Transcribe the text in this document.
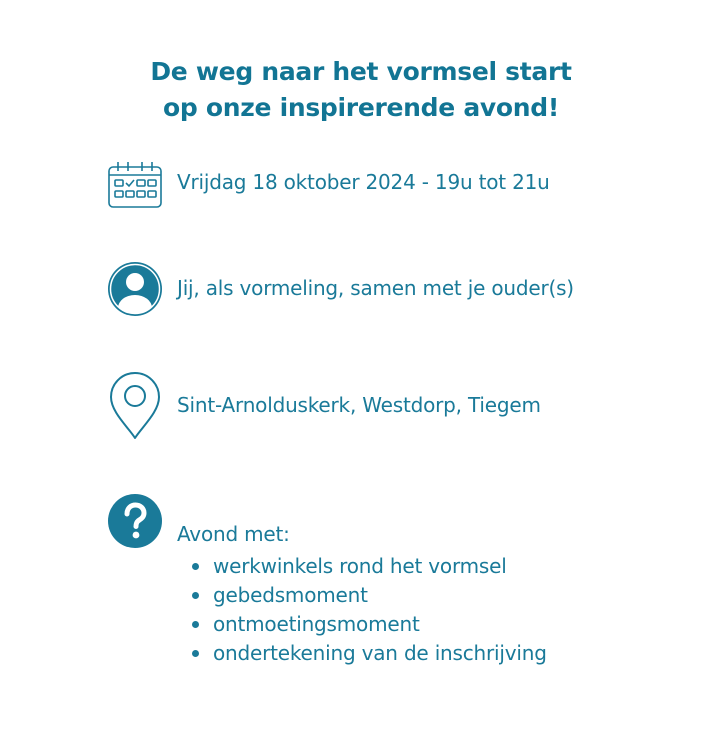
De weg naar het vormsel start
op onze inspirerende avond!
Vrijdag 18 oktober 2024 - 19u tot 21u
Jij, als vormeling, samen met je ouder(s)
Sint-Arnolduskerk, Westdorp, Tiegem
Avond met:
werkwinkels rond het vormsel
gebedsmoment
ontmoetingsmoment
ondertekening van de inschrijving
